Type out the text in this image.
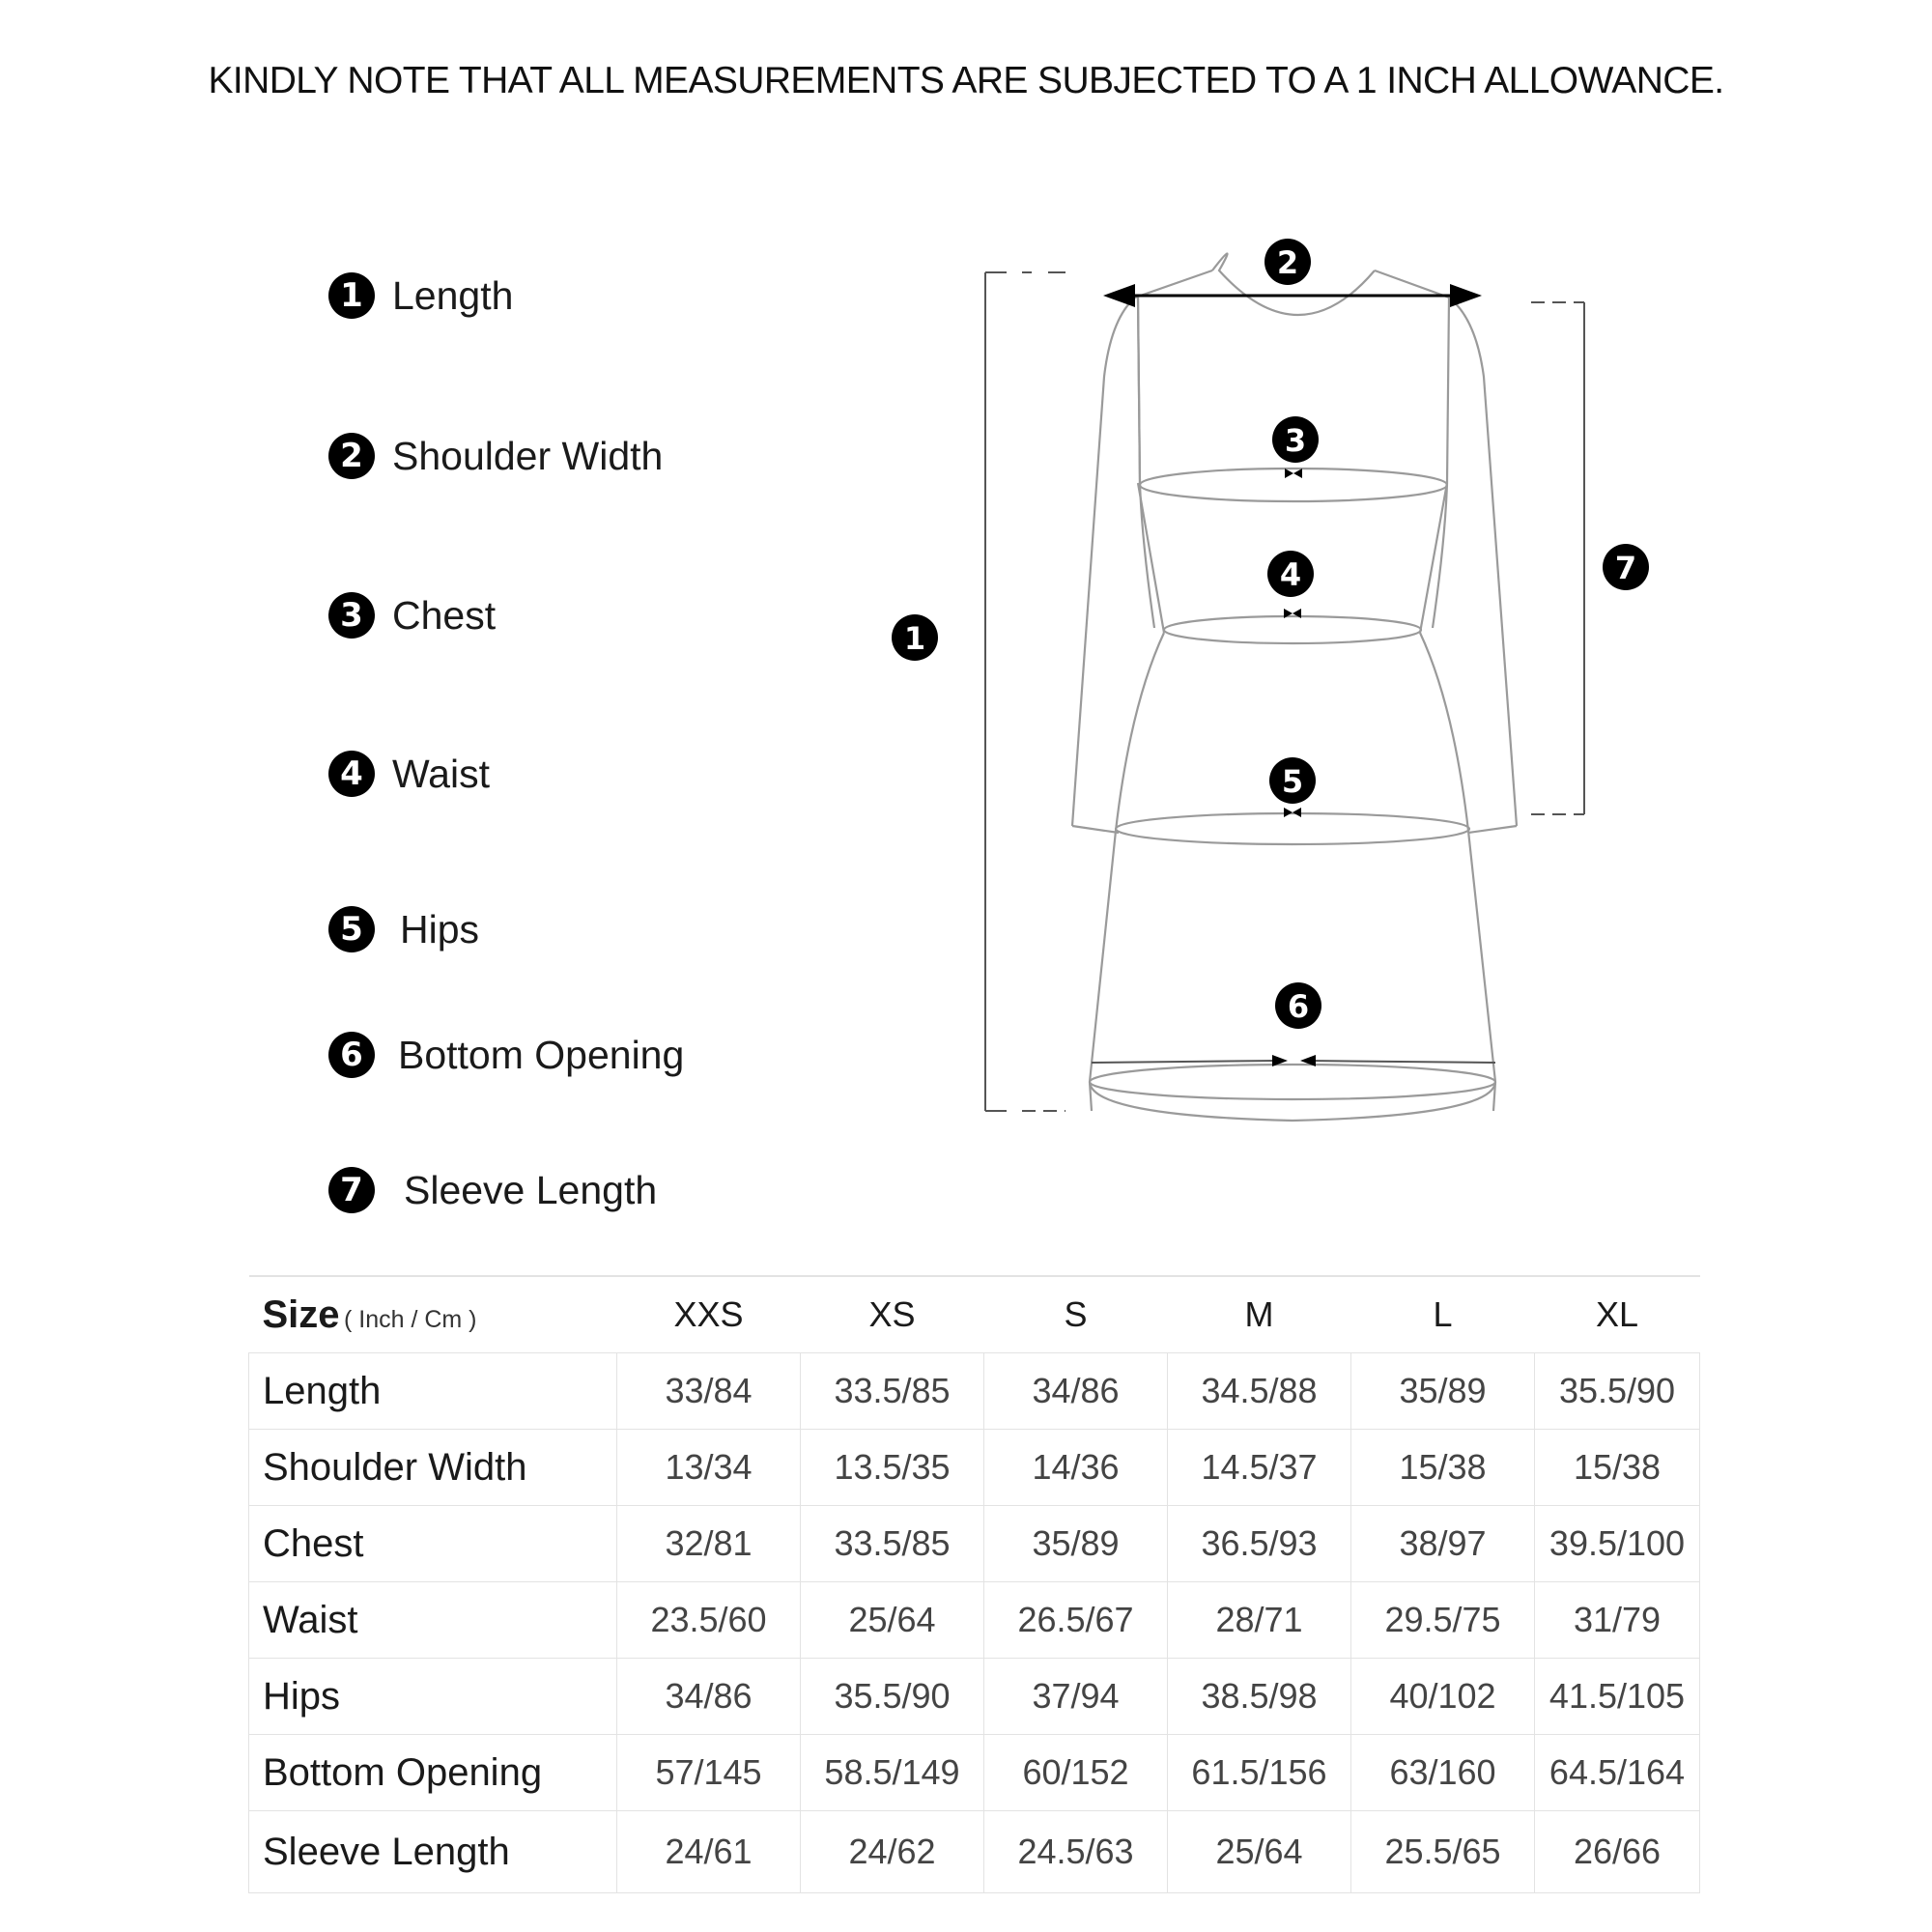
KINDLY NOTE THAT ALL MEASUREMENTS ARE SUBJECTED TO A 1 INCH ALLOWANCE.
1 Length
2 Shoulder Width
3 Chest
4 Waist
5 Hips
6 Bottom Opening
7 Sleeve Length
1
2
3
4
5
6
7
Size ( Inch / Cm )	XXS	XS	S	M	L	XL
Length	33/84	33.5/85	34/86	34.5/88	35/89	35.5/90
Shoulder Width	13/34	13.5/35	14/36	14.5/37	15/38	15/38
Chest	32/81	33.5/85	35/89	36.5/93	38/97	39.5/100
Waist	23.5/60	25/64	26.5/67	28/71	29.5/75	31/79
Hips	34/86	35.5/90	37/94	38.5/98	40/102	41.5/105
Bottom Opening	57/145	58.5/149	60/152	61.5/156	63/160	64.5/164
Sleeve Length	24/61	24/62	24.5/63	25/64	25.5/65	26/66
